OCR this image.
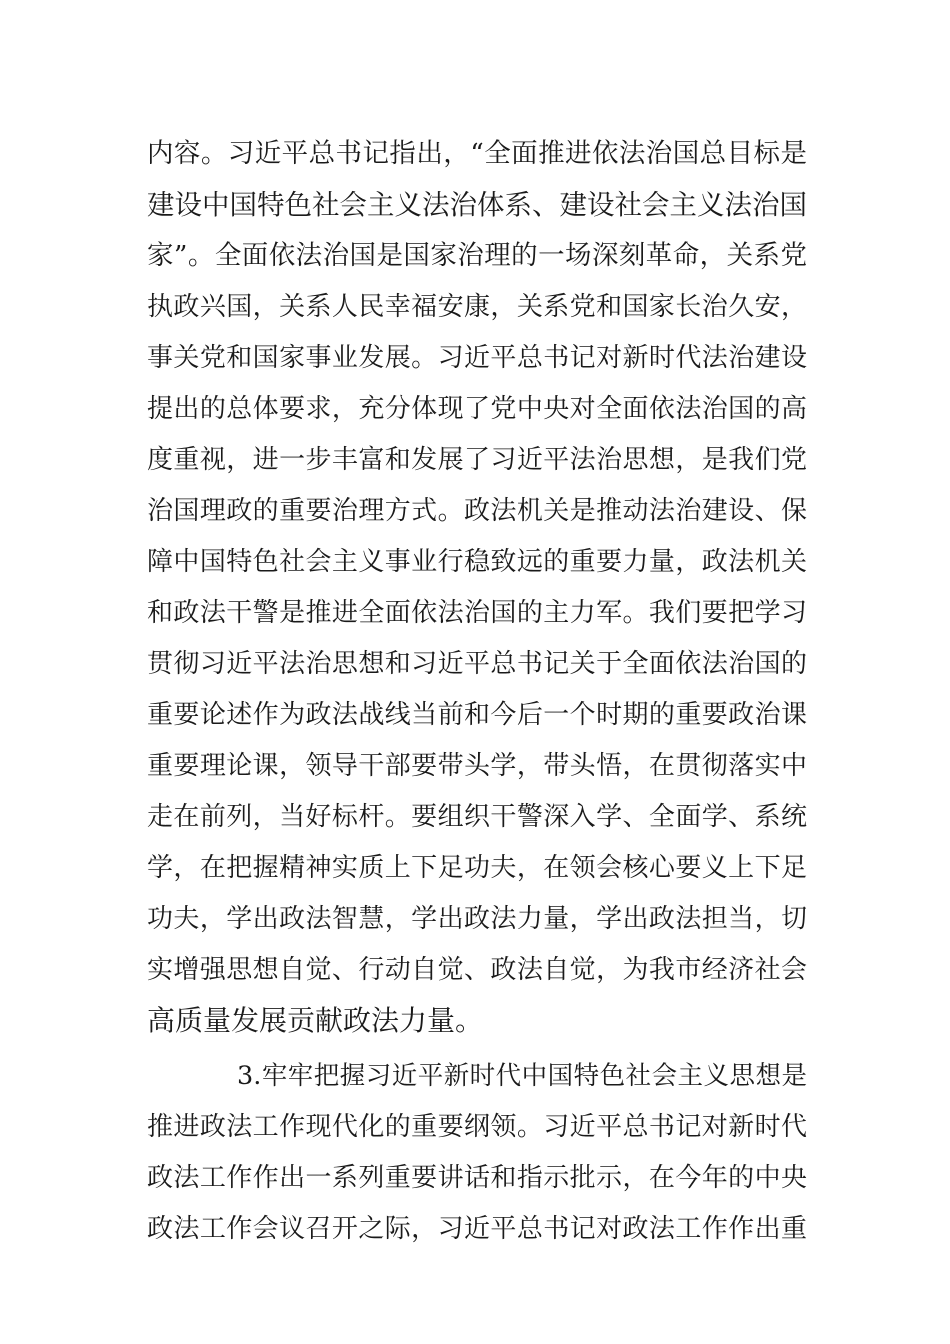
内容。习近平总书记指出，“全面推进依法治国总目标是
建设中国特色社会主义法治体系、建设社会主义法治国
家”。全面依法治国是国家治理的一场深刻革命，关系党
执政兴国，关系人民幸福安康，关系党和国家长治久安，
事关党和国家事业发展。习近平总书记对新时代法治建设
提出的总体要求，充分体现了党中央对全面依法治国的高
度重视，进一步丰富和发展了习近平法治思想，是我们党
治国理政的重要治理方式。政法机关是推动法治建设、保
障中国特色社会主义事业行稳致远的重要力量，政法机关
和政法干警是推进全面依法治国的主力军。我们要把学习
贯彻习近平法治思想和习近平总书记关于全面依法治国的
重要论述作为政法战线当前和今后一个时期的重要政治课
重要理论课，领导干部要带头学，带头悟，在贯彻落实中
走在前列，当好标杆。要组织干警深入学、全面学、系统
学，在把握精神实质上下足功夫，在领会核心要义上下足
功夫，学出政法智慧，学出政法力量，学出政法担当，切
实增强思想自觉、行动自觉、政法自觉，为我市经济社会
高质量发展贡献政法力量。
3.牢牢把握习近平新时代中国特色社会主义思想是
推进政法工作现代化的重要纲领。习近平总书记对新时代
政法工作作出一系列重要讲话和指示批示，在今年的中央
政法工作会议召开之际，习近平总书记对政法工作作出重
